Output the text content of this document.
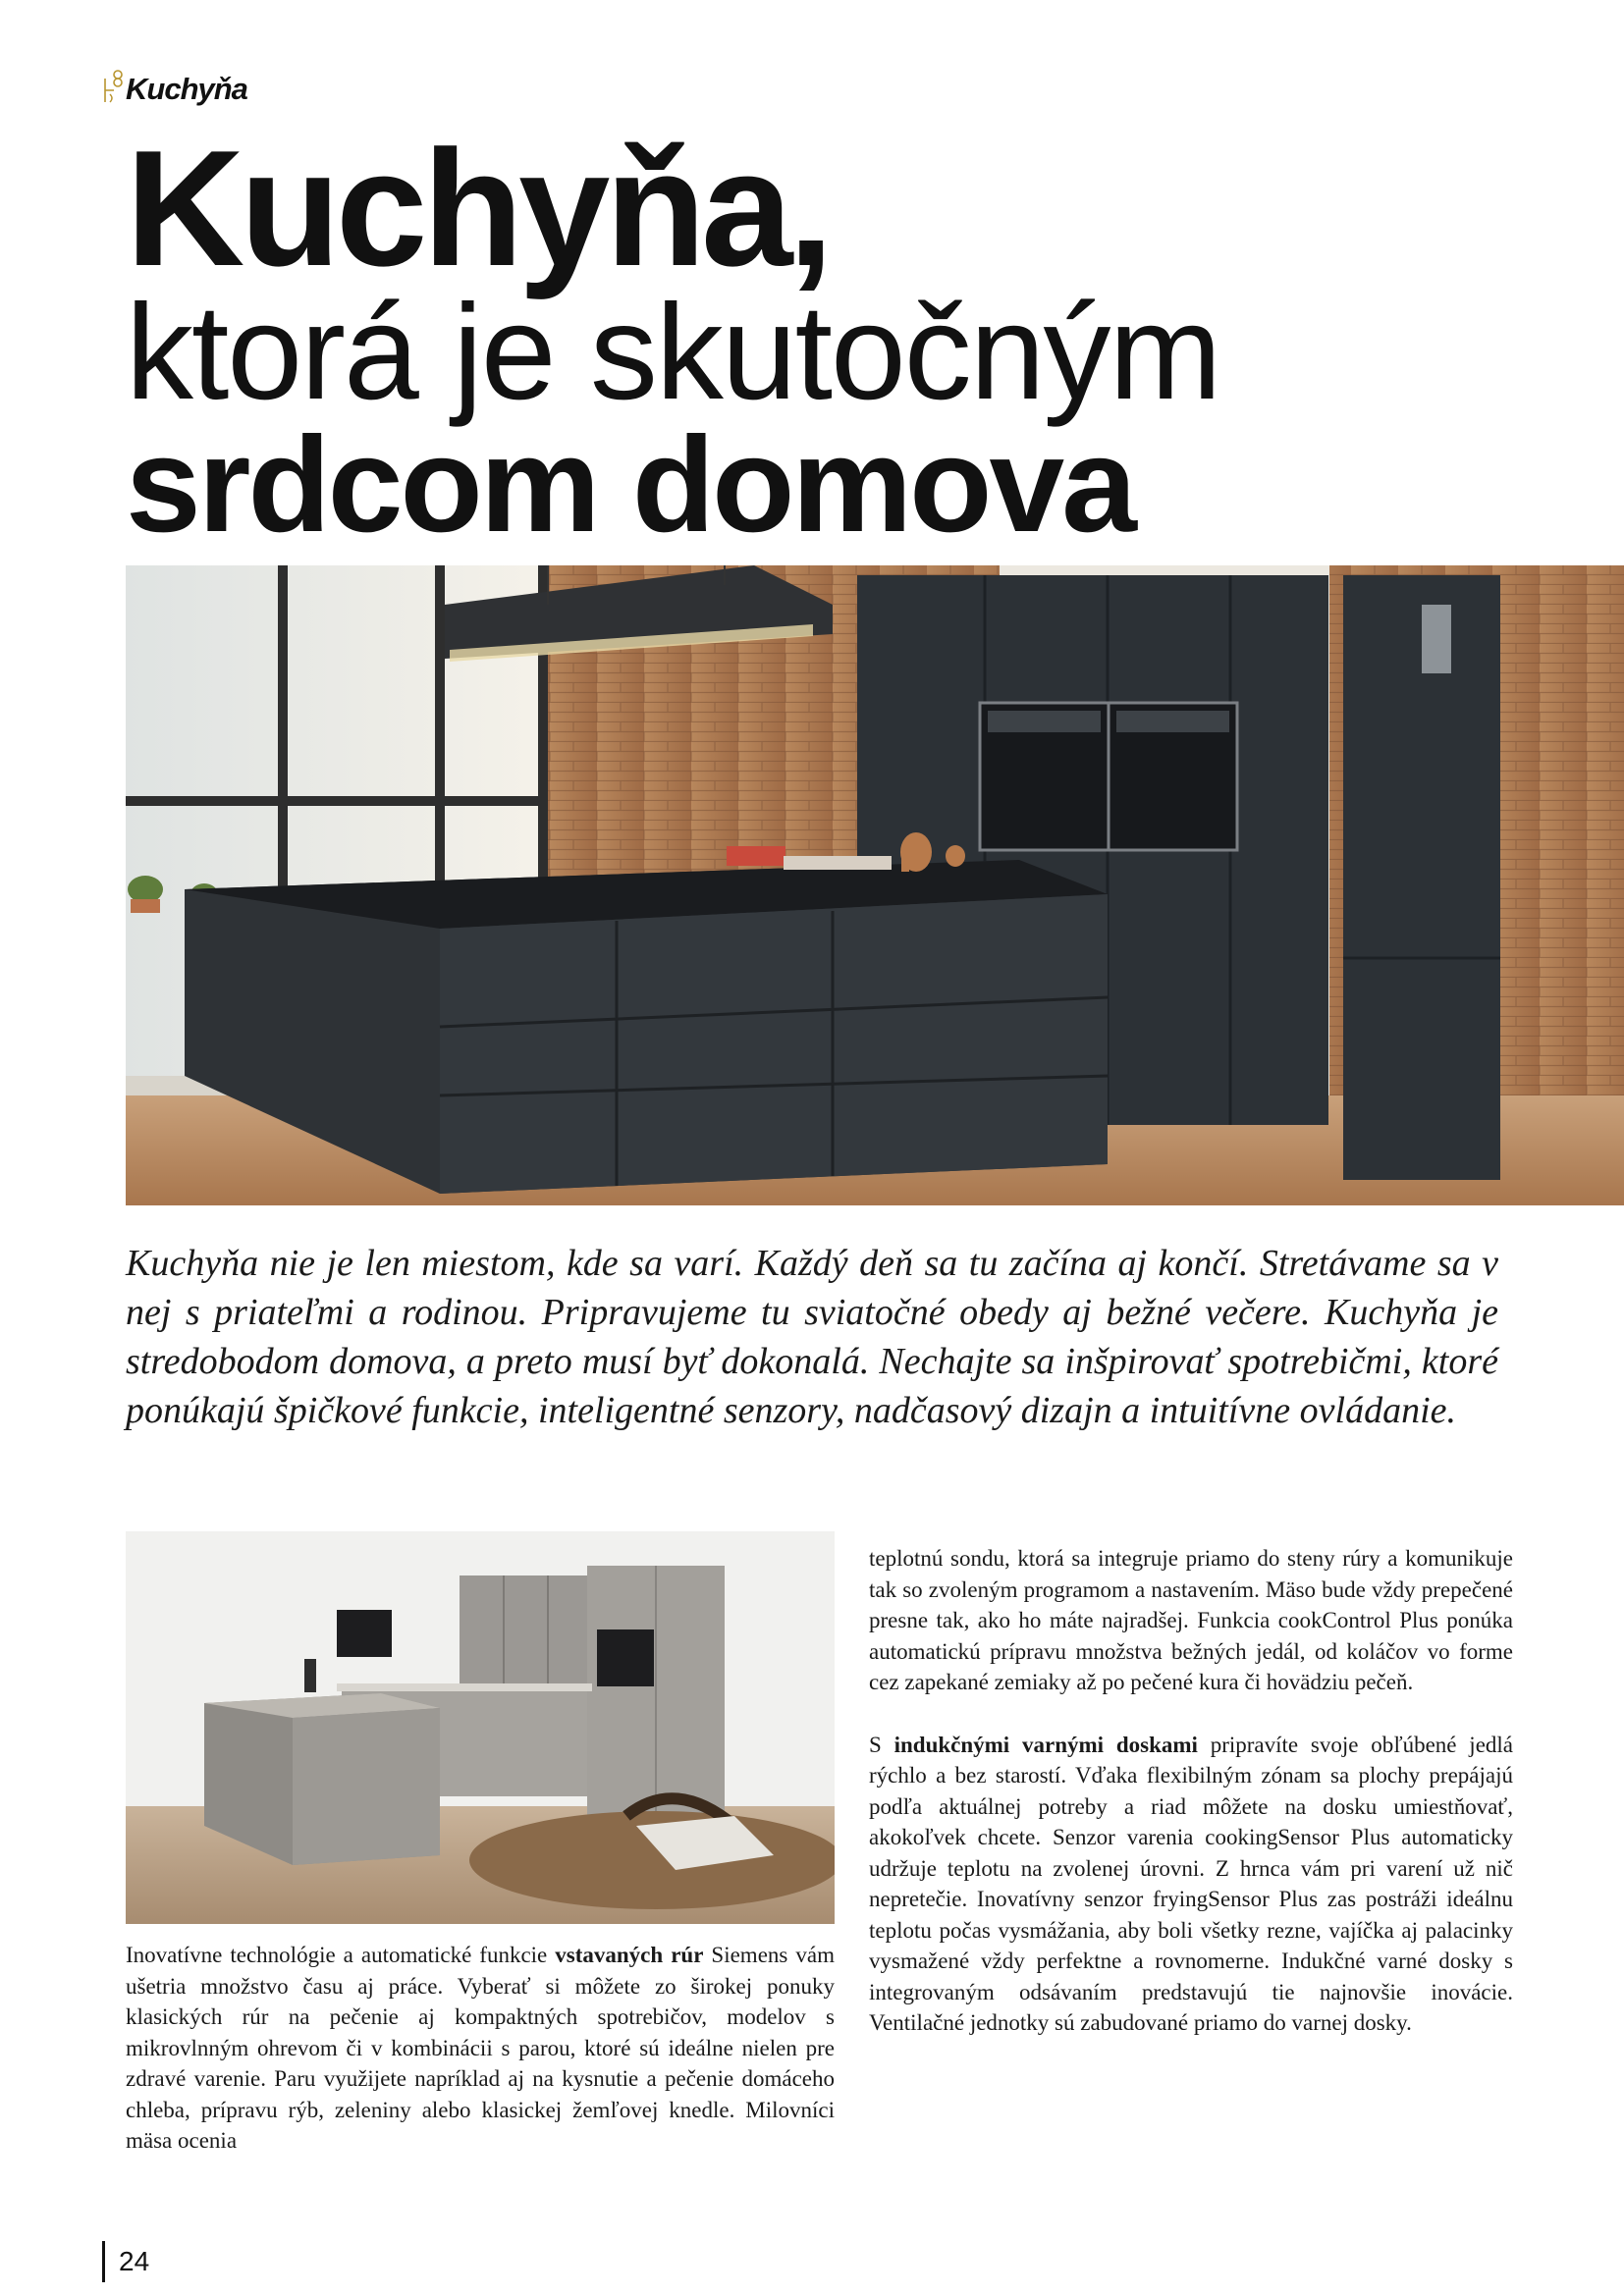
Kuchyňa
Kuchyňa,
ktorá je skutočným
srdcom domova
Kuchyňa nie je len miestom, kde sa varí. Každý deň sa tu začína aj končí. Stretávame sa v nej s priateľmi a rodinou. Pripravujeme tu sviatočné obedy aj bežné večere. Kuchyňa je stredobodom domova, a preto musí byť dokonalá. Nechajte sa inšpirovať spotrebičmi, ktoré ponúkajú špičkové funkcie, inteligentné senzory, nadčasový dizajn a intuitívne ovládanie.
Inovatívne technológie a automatické funkcie vstavaných rúr Siemens vám ušetria množstvo času aj práce. Vyberať si môžete zo širokej ponuky klasických rúr na pečenie aj kompaktných spotrebičov, modelov s mikrovlnným ohrevom či v kombinácii s parou, ktoré sú ideálne nielen pre zdravé varenie. Paru využijete napríklad aj na kysnutie a pečenie domáceho chleba, prípravu rýb, zeleniny alebo klasickej žemľovej knedle. Milovníci mäsa ocenia

teplotnú sondu, ktorá sa integruje priamo do steny rúry a komunikuje tak so zvoleným programom a nastavením. Mäso bude vždy prepečené presne tak, ako ho máte najradšej. Funkcia cookControl Plus ponúka automatickú prípravu množstva bežných jedál, od koláčov vo forme cez zapekané zemiaky až po pečené kura či hovädziu pečeň.

S indukčnými varnými doskami pripravíte svoje obľúbené jedlá rýchlo a bez starostí. Vďaka flexibilným zónam sa plochy prepájajú podľa aktuálnej potreby a riad môžete na dosku umiestňovať, akokoľvek chcete. Senzor varenia cookingSensor Plus automaticky udržuje teplotu na zvolenej úrovni. Z hrnca vám pri varení už nič nepretečie. Inovatívny senzor fryingSensor Plus zas postráži ideálnu teplotu počas vysmážania, aby boli všetky rezne, vajíčka aj palacinky vysmažené vždy perfektne a rovnomerne. Indukčné varné dosky s integrovaným odsávaním predstavujú tie najnovšie inovácie. Ventilačné jednotky sú zabudované priamo do varnej dosky.

24
